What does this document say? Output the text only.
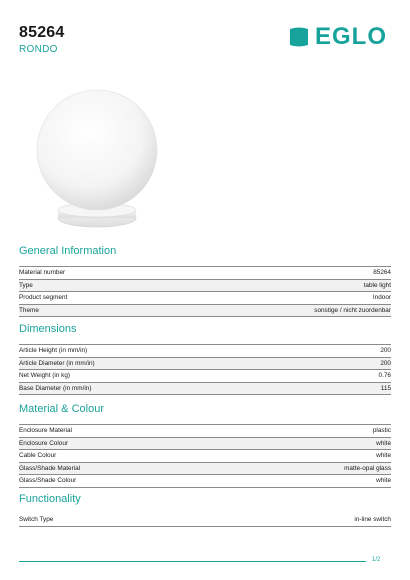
85264
RONDO	EGLO
General Information
Material number	85264
Type	table light
Product segment	Indoor
Theme	sonstige / nicht zuordenbar
Dimensions
Article Height (in mm/in)	200
Article Diameter (in mm/in)	200
Net Weight (in kg)	0.76
Base Diameter (in mm/in)	115
Material & Colour
Enclosure Material	plastic
Enclosure Colour	white
Cable Colour	white
Glass/Shade Material	matte-opal glass
Glass/Shade Colour	white
Functionality
Switch Type	in-line switch
1/2
